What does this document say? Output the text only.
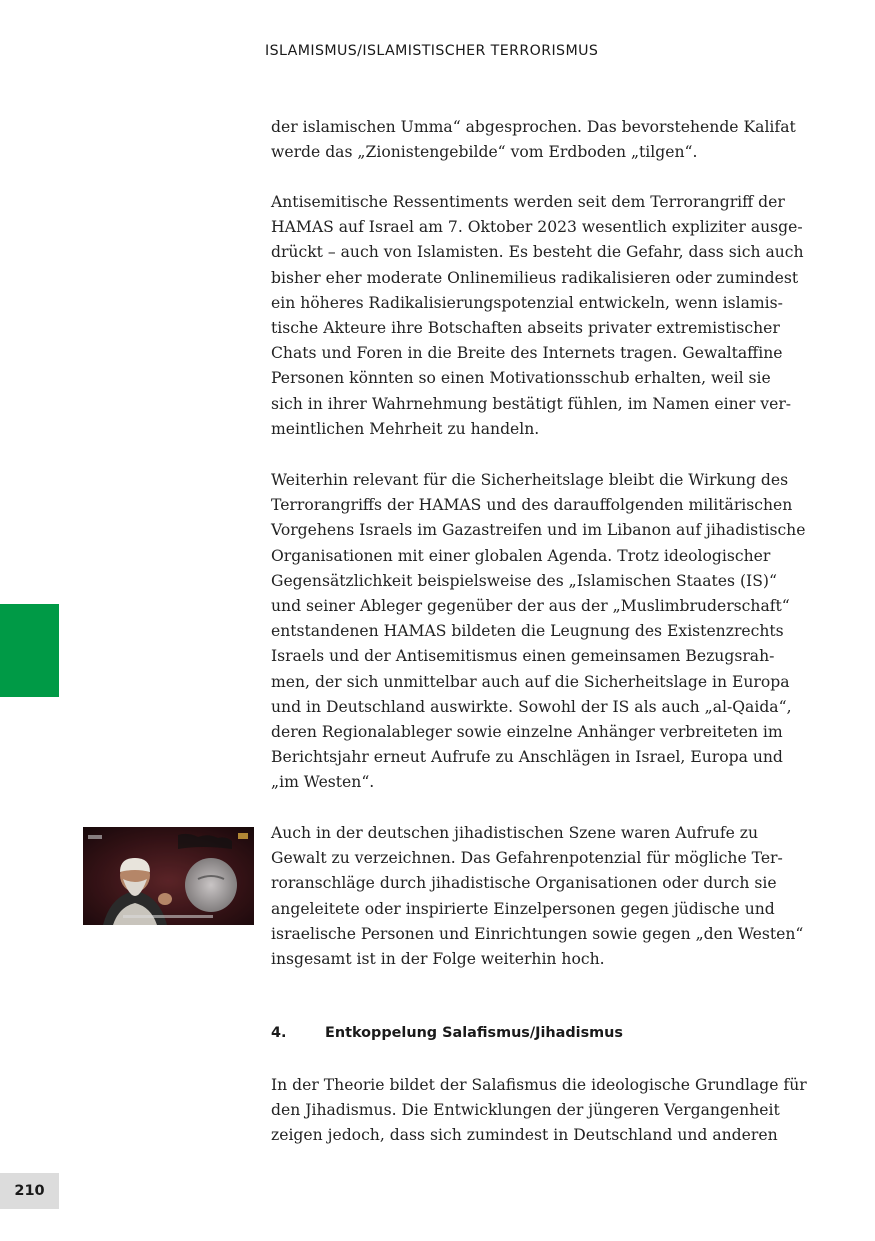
ISLAMISMUS/ISLAMISTISCHER TERRORISMUS
der islamischen Umma“ abgesprochen. Das bevorstehende Kalifat
werde das „Zionistengebilde“ vom Erdboden „tilgen“.
Antisemitische Ressentiments werden seit dem Terrorangriff der
HAMAS auf Israel am 7. Oktober 2023 wesentlich expliziter ausge-
drückt – auch von Islamisten. Es besteht die Gefahr, dass sich auch
bisher eher moderate Onlinemilieus radikalisieren oder zumindest
ein höheres Radikalisierungspotenzial entwickeln, wenn islamis-
tische Akteure ihre Botschaften abseits privater extremistischer
Chats und Foren in die Breite des Internets tragen. Gewaltaffine
Personen könnten so einen Motivationsschub erhalten, weil sie
sich in ihrer Wahrnehmung bestätigt fühlen, im Namen einer ver-
meintlichen Mehrheit zu handeln.
Weiterhin relevant für die Sicherheitslage bleibt die Wirkung des
Terrorangriffs der HAMAS und des darauffolgenden militärischen
Vorgehens Israels im Gazastreifen und im Libanon auf jihadistische
Organisationen mit einer globalen Agenda. Trotz ideologischer
Gegensätzlichkeit beispielsweise des „Islamischen Staates (IS)“
und seiner Ableger gegenüber der aus der „Muslimbruderschaft“
entstandenen HAMAS bildeten die Leugnung des Existenzrechts
Israels und der Antisemitismus einen gemeinsamen Bezugsrah-
men, der sich unmittelbar auch auf die Sicherheitslage in Europa
und in Deutschland auswirkte. Sowohl der IS als auch „al-Qaida“,
deren Regionalableger sowie einzelne Anhänger verbreiteten im
Berichtsjahr erneut Aufrufe zu Anschlägen in Israel, Europa und
„im Westen“.
Auch in der deutschen jihadistischen Szene waren Aufrufe zu
Gewalt zu verzeichnen. Das Gefahrenpotenzial für mögliche Ter-
roranschläge durch jihadistische Organisationen oder durch sie
angeleitete oder inspirierte Einzelpersonen gegen jüdische und
israelische Personen und Einrichtungen sowie gegen „den Westen“
insgesamt ist in der Folge weiterhin hoch.
4.	Entkoppelung Salafismus/Jihadismus
In der Theorie bildet der Salafismus die ideologische Grundlage für
den Jihadismus. Die Entwicklungen der jüngeren Vergangenheit
zeigen jedoch, dass sich zumindest in Deutschland und anderen
210
